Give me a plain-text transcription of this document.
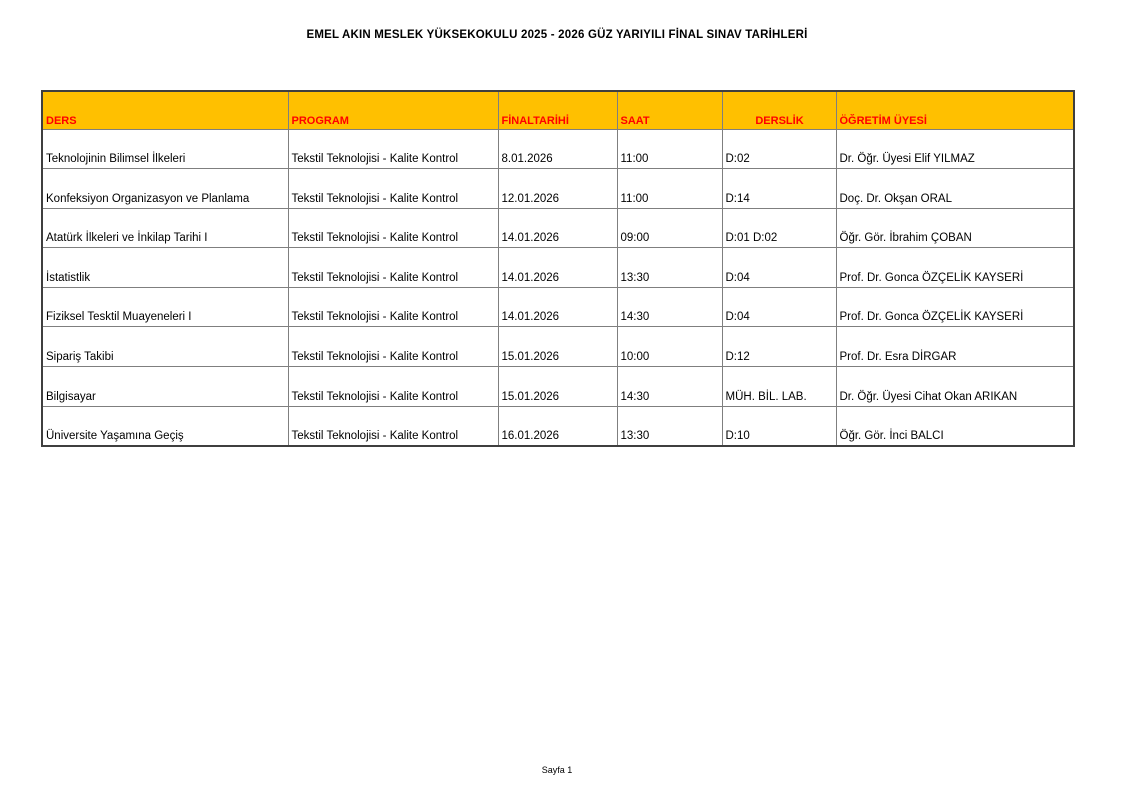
EMEL AKIN MESLEK YÜKSEKOKULU 2025 - 2026 GÜZ YARIYILI FİNAL SINAV TARİHLERİ
DERS	PROGRAM	FİNALTARİHİ	SAAT	DERSLİK	ÖĞRETİM ÜYESİ
Teknolojinin Bilimsel İlkeleri	Tekstil Teknolojisi - Kalite Kontrol	8.01.2026	11:00	D:02	Dr. Öğr. Üyesi Elif YILMAZ
Konfeksiyon Organizasyon ve Planlama	Tekstil Teknolojisi - Kalite Kontrol	12.01.2026	11:00	D:14	Doç. Dr. Okşan ORAL
Atatürk İlkeleri ve İnkilap Tarihi I	Tekstil Teknolojisi - Kalite Kontrol	14.01.2026	09:00	D:01 D:02	Öğr. Gör. İbrahim ÇOBAN
İstatistlik	Tekstil Teknolojisi - Kalite Kontrol	14.01.2026	13:30	D:04	Prof. Dr. Gonca ÖZÇELİK KAYSERİ
Fiziksel Tesktil Muayeneleri I	Tekstil Teknolojisi - Kalite Kontrol	14.01.2026	14:30	D:04	Prof. Dr. Gonca ÖZÇELİK KAYSERİ
Sipariş Takibi	Tekstil Teknolojisi - Kalite Kontrol	15.01.2026	10:00	D:12	Prof. Dr. Esra DİRGAR
Bilgisayar	Tekstil Teknolojisi - Kalite Kontrol	15.01.2026	14:30	MÜH. BİL. LAB.	Dr. Öğr. Üyesi Cihat Okan ARIKAN
Üniversite Yaşamına Geçiş	Tekstil Teknolojisi - Kalite Kontrol	16.01.2026	13:30	D:10	Öğr. Gör. İnci BALCI
Sayfa 1
